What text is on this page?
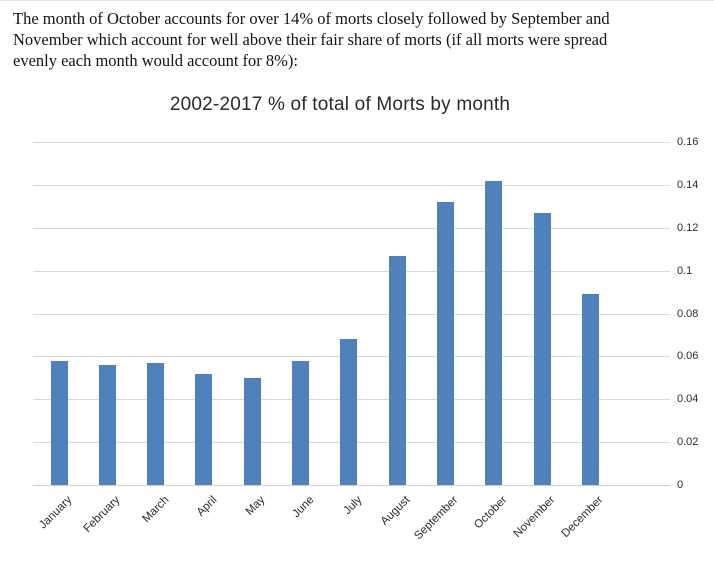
The month of October accounts for over 14% of morts closely followed by September and
November which account for well above their fair share of morts (if all morts were spread
evenly each month would account for 8%):
2002-2017 % of total of Morts by month
0
0.02
0.04
0.06
0.08
0.1
0.12
0.14
0.16
January February March April May June July August September October November December
